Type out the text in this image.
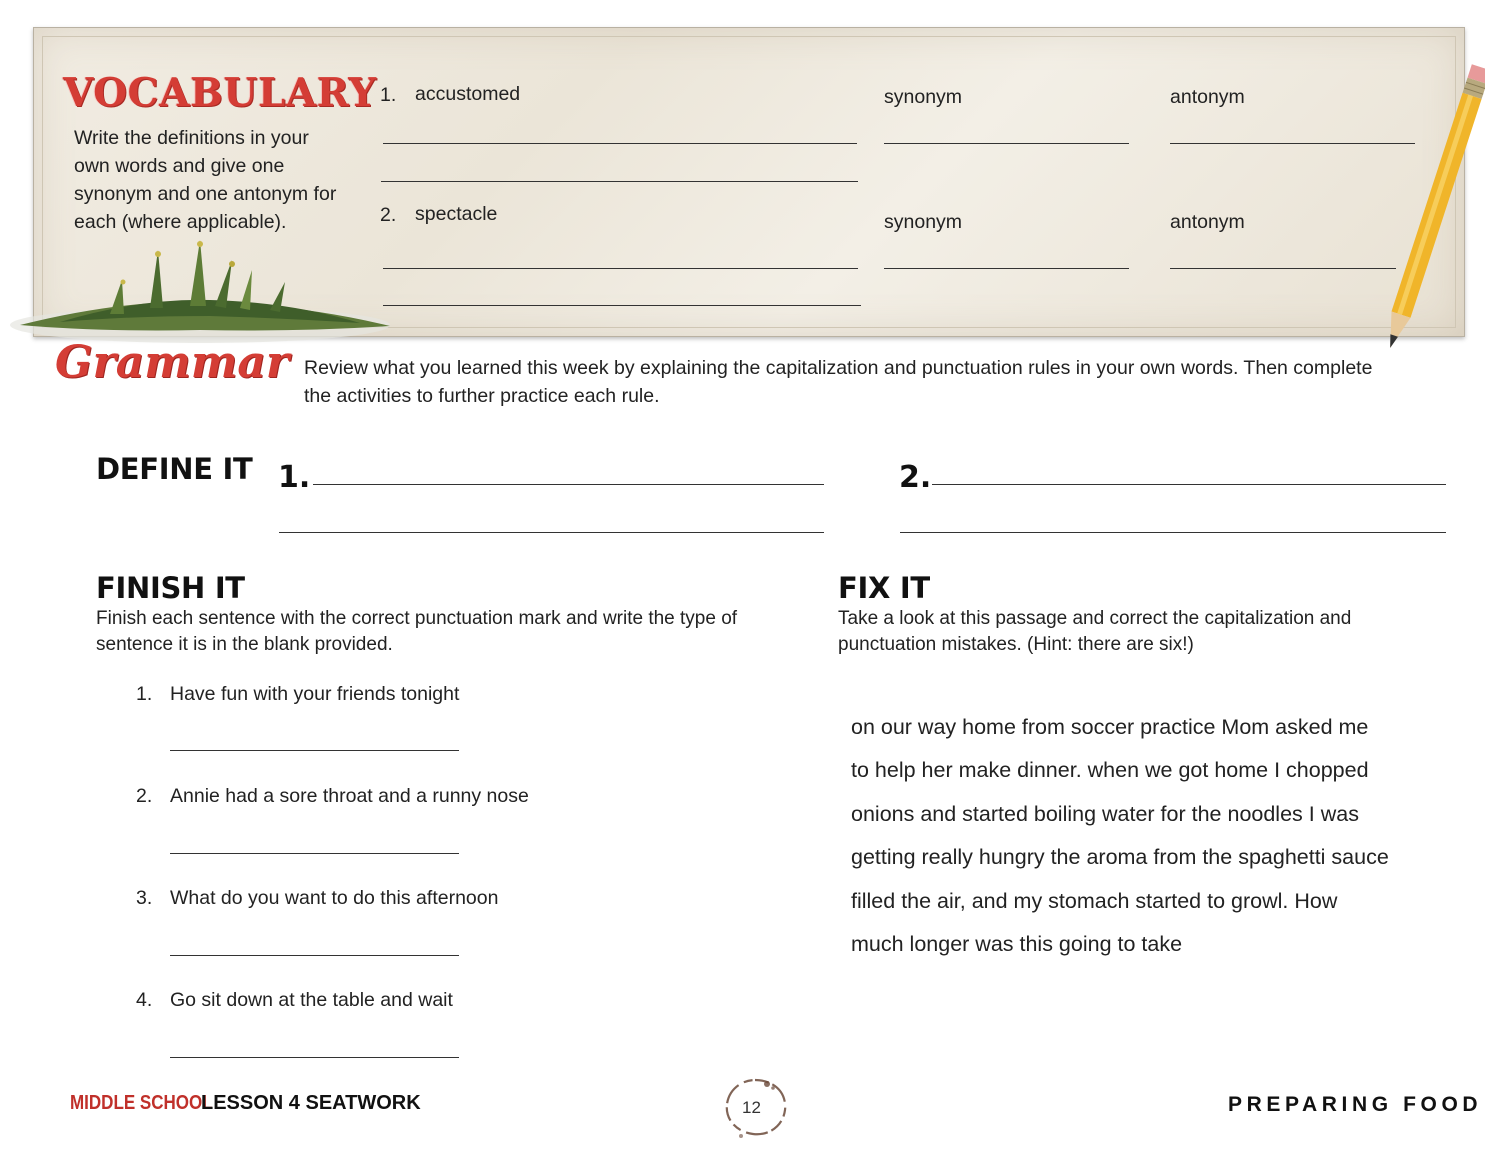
VOCABULARY
Write the definitions in your own words and give one synonym and one antonym for each (where applicable).
1. accustomed	synonym	antonym
2. spectacle	synonym	antonym
Grammar Review what you learned this week by explaining the capitalization and punctuation rules in your own words. Then complete the activities to further practice each rule.
DEFINE IT 1.	2.
FINISH IT
Finish each sentence with the correct punctuation mark and write the type of sentence it is in the blank provided.
1. Have fun with your friends tonight
2. Annie had a sore throat and a runny nose
3. What do you want to do this afternoon
4. Go sit down at the table and wait
FIX IT
Take a look at this passage and correct the capitalization and punctuation mistakes. (Hint: there are six!)
on our way home from soccer practice Mom asked me
to help her make dinner. when we got home I chopped
onions and started boiling water for the noodles I was
getting really hungry the aroma from the spaghetti sauce
filled the air, and my stomach started to growl. How
much longer was this going to take
MIDDLE SCHOOL
LESSON 4 SEATWORK	12	PREPARING FOOD
